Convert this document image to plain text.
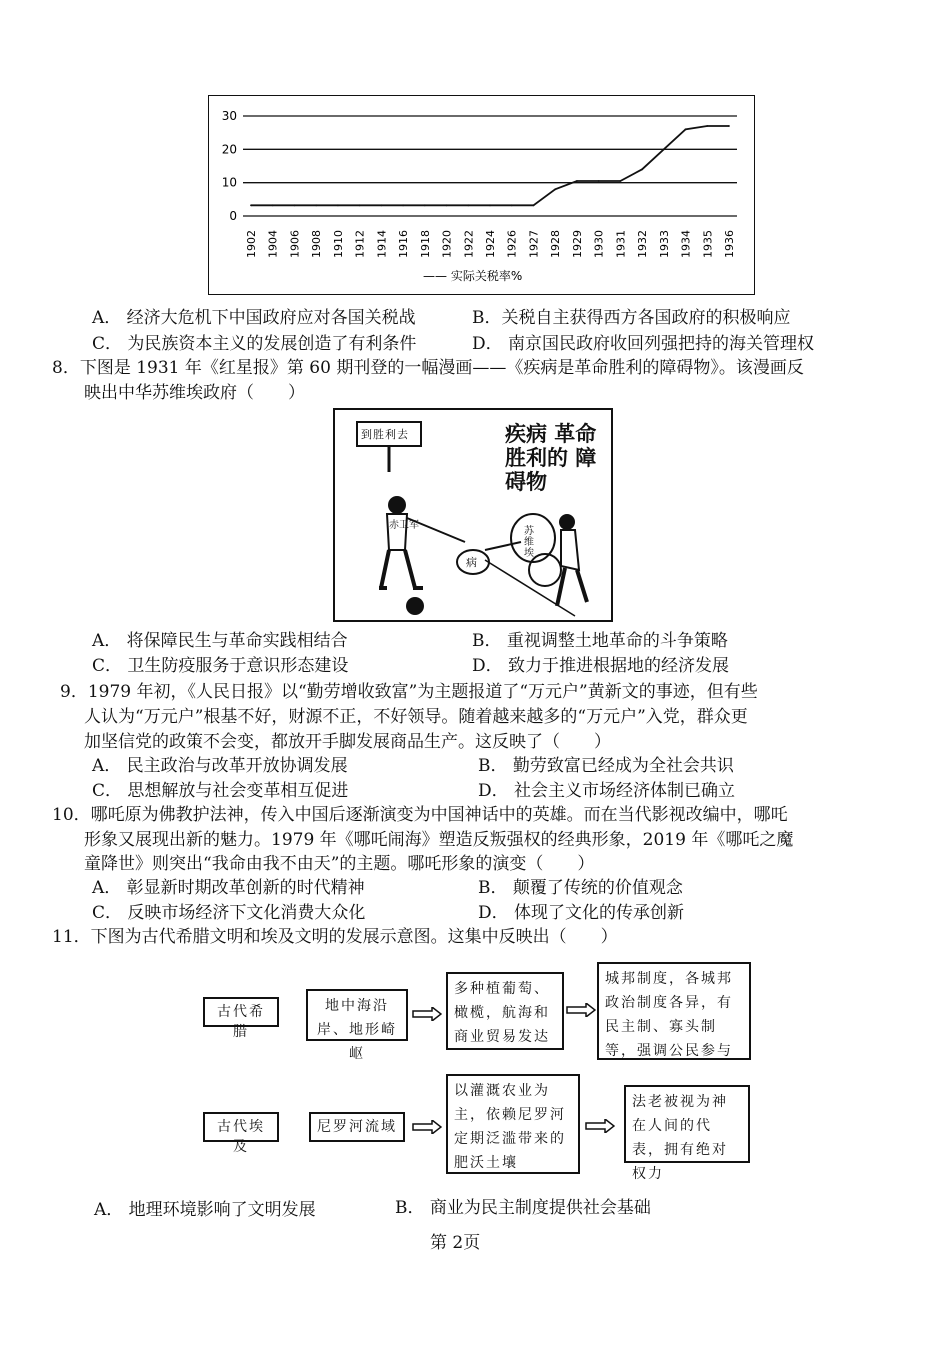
30
20
10
0
1902 1904 1906 1908 1910 1912 1914 1916 1918 1920 1922 1924 1926 1927 1928 1929 1930 1931 1932 1933 1934 1935 1936
—— 实际关税率%
A． 经济大危机下中国政府应对各国关税战	B．关税自主获得西方各国政府的积极响应
C． 为民族资本主义的发展创造了有利条件	D． 南京国民政府收回列强把持的海关管理权
8．下图是 1931 年《红星报》第 60 期刊登的一幅漫画——《疾病是革命胜利的障碍物》。该漫画反
映出中华苏维埃政府（　　）
到胜利去	疾病 革命 胜利的 障碍物
赤卫军
苏维埃
病
A． 将保障民生与革命实践相结合	B． 重视调整土地革命的斗争策略
C． 卫生防疫服务于意识形态建设	D． 致力于推进根据地的经济发展
9．1979 年初，《人民日报》以“勤劳增收致富”为主题报道了“万元户”黄新文的事迹，但有些
人认为“万元户”根基不好，财源不正，不好领导。随着越来越多的“万元户”入党，群众更
加坚信党的政策不会变，都放开手脚发展商品生产。这反映了（　　）
A． 民主政治与改革开放协调发展	B． 勤劳致富已经成为全社会共识
C． 思想解放与社会变革相互促进	D． 社会主义市场经济体制已确立
10．哪吒原为佛教护法神，传入中国后逐渐演变为中国神话中的英雄。而在当代影视改编中，哪吒
形象又展现出新的魅力。1979 年《哪吒闹海》塑造反叛强权的经典形象，2019 年《哪吒之魔
童降世》则突出“我命由我不由天”的主题。哪吒形象的演变（　　）
A． 彰显新时期改革创新的时代精神	B． 颠覆了传统的价值观念
C． 反映市场经济下文化消费大众化	D． 体现了文化的传承创新
11．下图为古代希腊文明和埃及文明的发展示意图。这集中反映出（　　）
古代希腊
地中海沿岸、地形崎岖
多种植葡萄、橄榄，航海和商业贸易发达
城邦制度，各城邦政治制度各异，有民主制、寡头制等，强调公民参与
古代埃及
尼罗河流域
以灌溉农业为主，依赖尼罗河定期泛滥带来的肥沃土壤
法老被视为神在人间的代表，拥有绝对权力
A． 地理环境影响了文明发展	B． 商业为民主制度提供社会基础
第 2页
